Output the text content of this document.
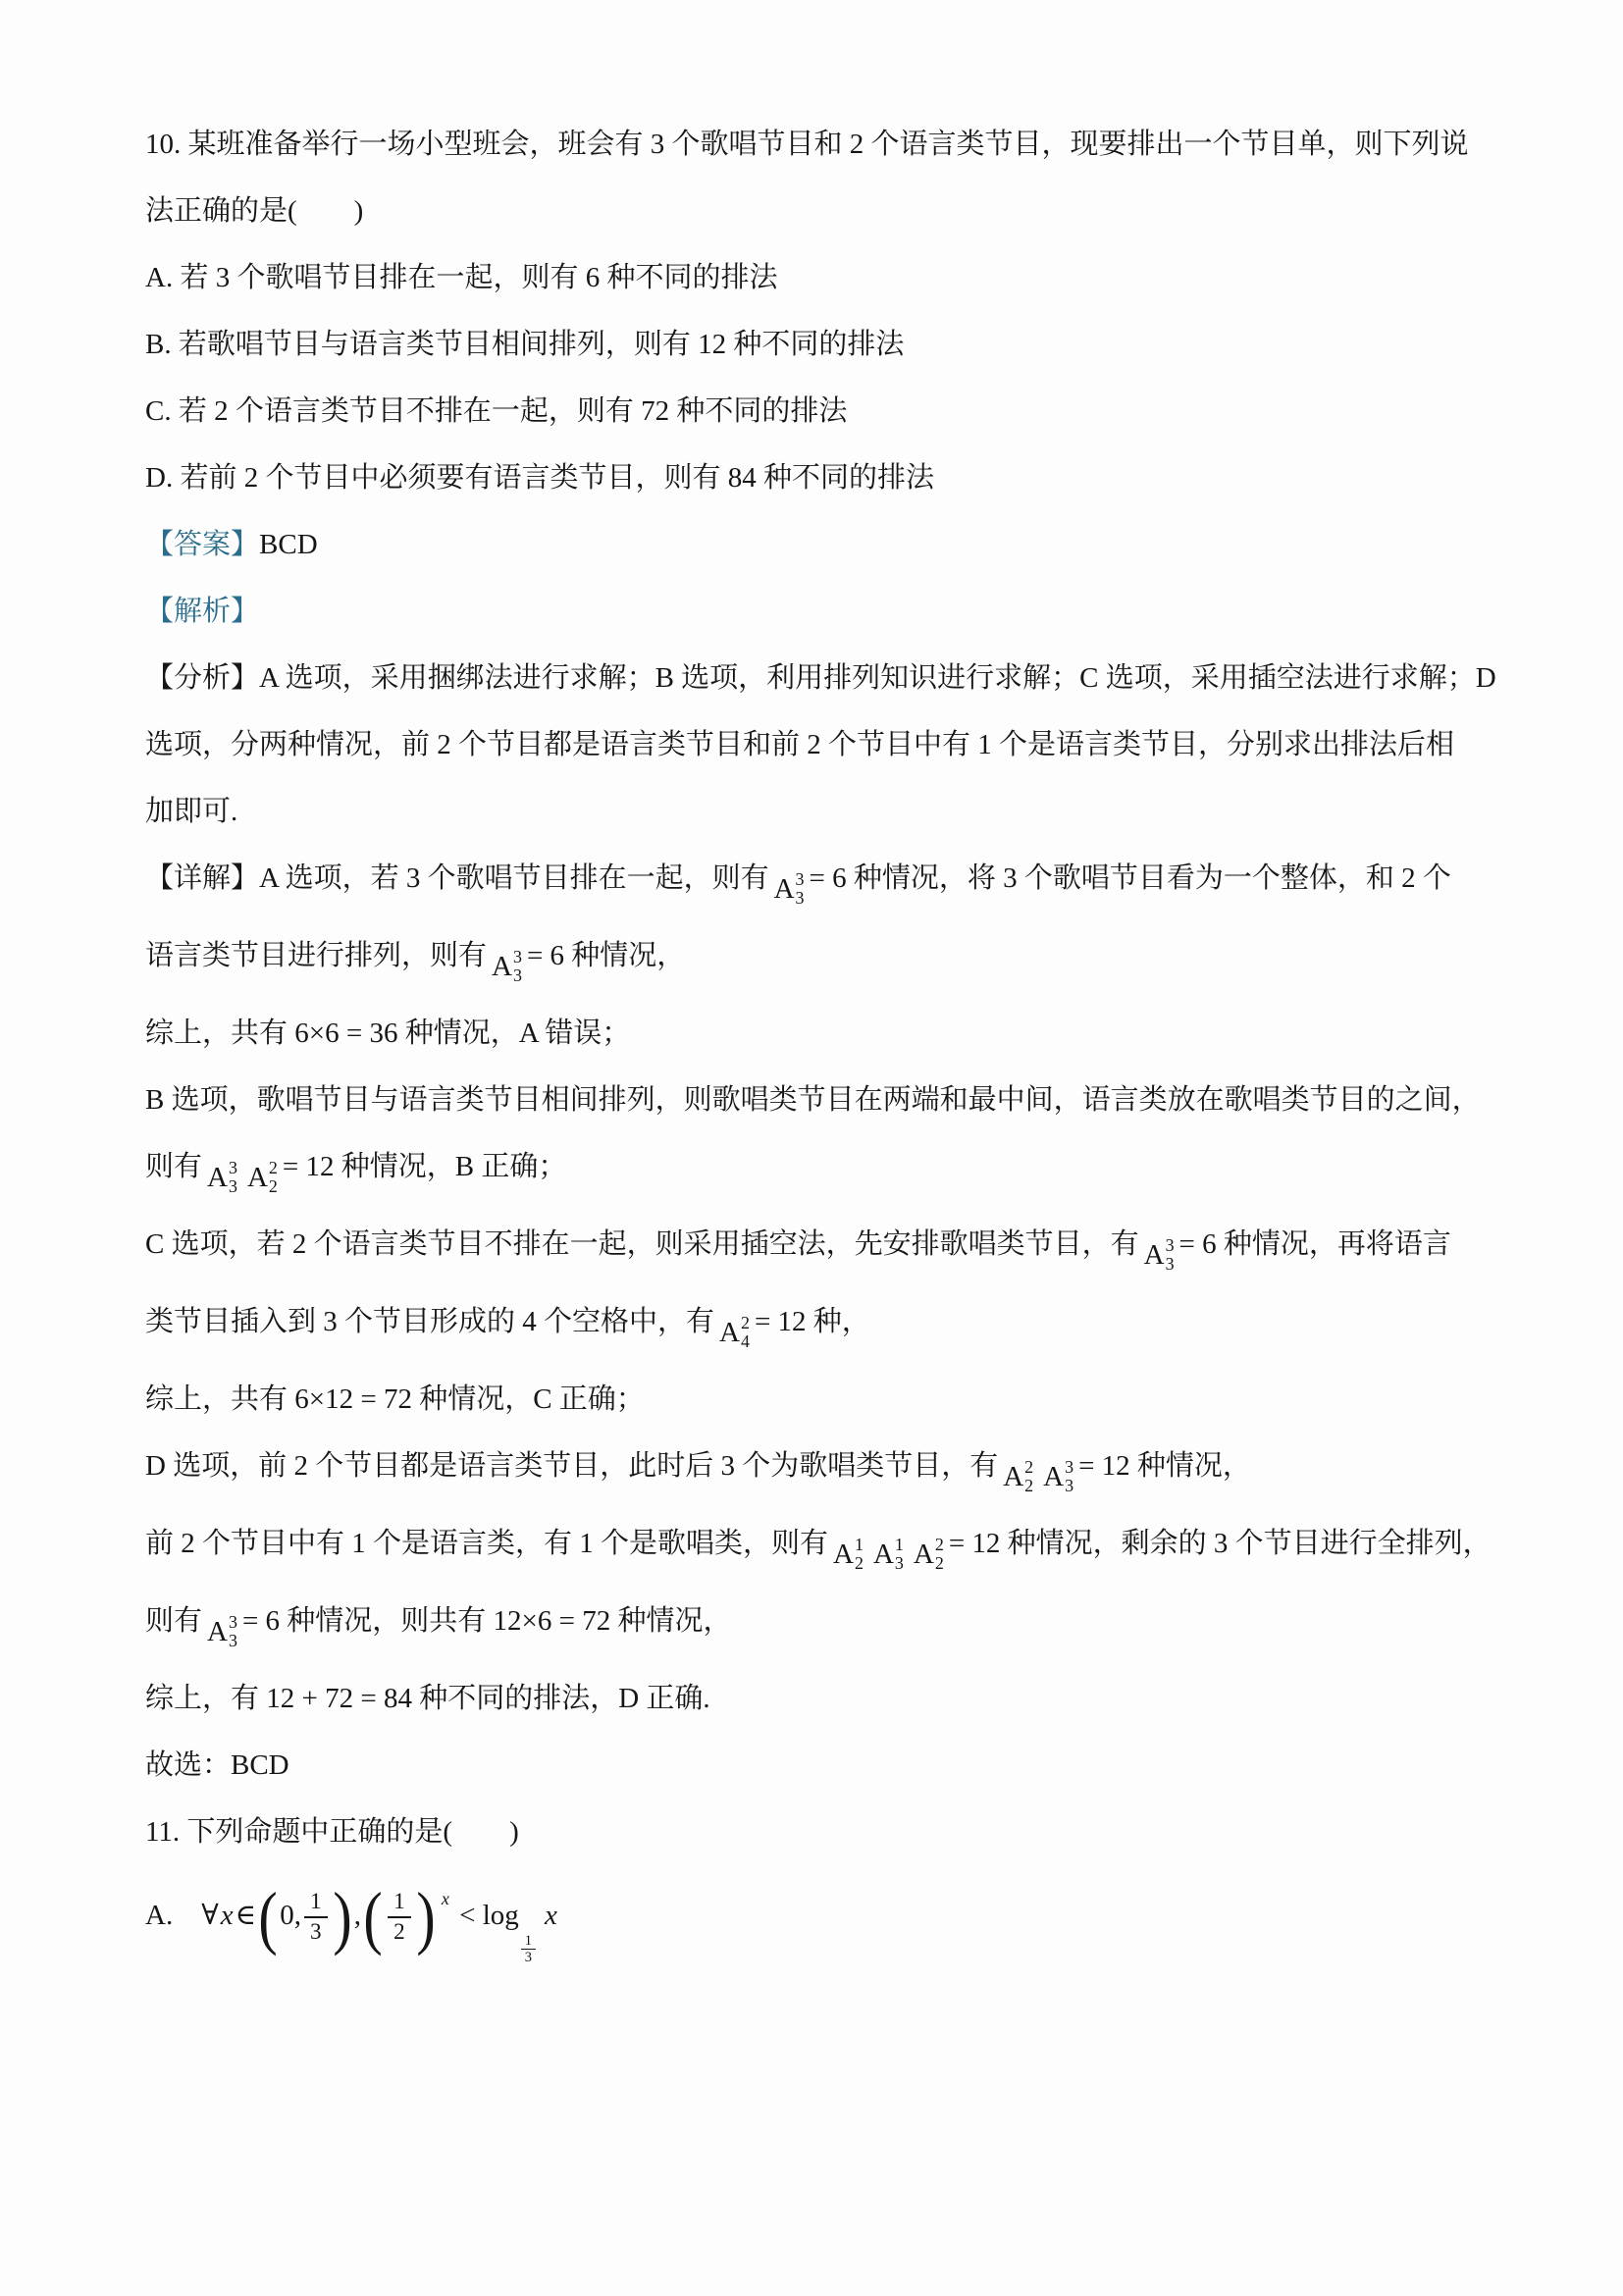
10. 某班准备举行一场小型班会，班会有 3 个歌唱节目和 2 个语言类节目，现要排出一个节目单，则下列说
法正确的是(　　)
A. 若 3 个歌唱节目排在一起，则有 6 种不同的排法
B. 若歌唱节目与语言类节目相间排列，则有 12 种不同的排法
C. 若 2 个语言类节目不排在一起，则有 72 种不同的排法
D. 若前 2 个节目中必须要有语言类节目，则有 84 种不同的排法
【答案】BCD
【解析】
【分析】A 选项，采用捆绑法进行求解；B 选项，利用排列知识进行求解；C 选项，采用插空法进行求解；D
选项，分两种情况，前 2 个节目都是语言类节目和前 2 个节目中有 1 个是语言类节目，分别求出排法后相
加即可.
【详解】A 选项，若 3 个歌唱节目排在一起，则有 A 3
3
= 6 种情况，将 3 个歌唱节目看为一个整体，和 2 个
语言类节目进行排列，则有 A 3
3
= 6 种情况，
综上，共有 6×6 = 36 种情况，A 错误；
B 选项，歌唱节目与语言类节目相间排列，则歌唱类节目在两端和最中间，语言类放在歌唱类节目的之间，
则有 A 3
3 A 2
2
= 12 种情况，B 正确；
C 选项，若 2 个语言类节目不排在一起，则采用插空法，先安排歌唱类节目，有 A 3
3
= 6 种情况，再将语言
类节目插入到 3 个节目形成的 4 个空格中，有 A 2
4
= 12 种，
综上，共有 6×12 = 72 种情况，C 正确；
D 选项，前 2 个节目都是语言类节目，此时后 3 个为歌唱类节目，有 A 2
2 A 3
3
= 12 种情况，
前 2 个节目中有 1 个是语言类，有 1 个是歌唱类，则有 A 1
2 A 1
3 A 2
2
= 12 种情况，剩余的 3 个节目进行全排列，
则有 A 3
3
= 6 种情况，则共有 12×6 = 72 种情况，
综上，有 12 + 72 = 84 种不同的排法，D 正确.
故选：BCD
11. 下列命题中正确的是(　　)
A.　∀x∈(0, $\frac{1}{3}$ ),( $\frac{1}{2}$ ) $^x$ < log
$\frac{1}{3}$
x
